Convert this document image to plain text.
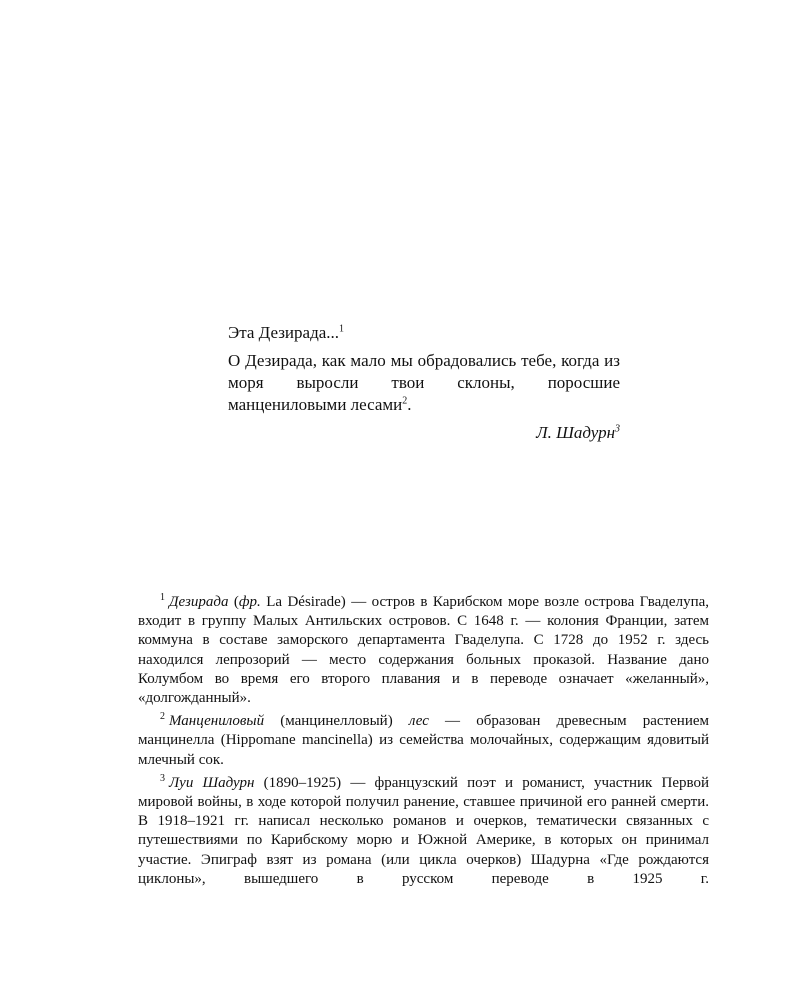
Эта Дезирада...$^1$

О Дезирада, как мало мы обрадовались тебе, когда из моря выросли твои склоны, поросшие манцениловыми лесами$^2$.

Л. Шадурн$^3$

$^1$ Дезирада (фр. La Désirade) — остров в Карибском море возле острова Гваделупа, входит в группу Малых Антильских островов. С 1648 г. — колония Франции, затем коммуна в составе заморского департамента Гваделупа. С 1728 до 1952 г. здесь находился лепрозорий — место содержания больных проказой. Название дано Колумбом во время его второго плавания и в переводе означает «желанный», «долгожданный».

$^2$ Манцениловый (манцинелловый) лес — образован древесным растением манцинелла (Hippomane mancinella) из семейства молочайных, содержащим ядовитый млечный сок.

$^3$ Луи Шадурн (1890–1925) — французский поэт и романист, участник Первой мировой войны, в ходе которой получил ранение, ставшее причиной его ранней смерти. В 1918–1921 гг. написал несколько романов и очерков, тематически связанных с путешествиями по Карибскому морю и Южной Америке, в которых он принимал участие. Эпиграф взят из романа (или цикла очерков) Шадурна «Где рождаются циклоны», вышедшего в русском переводе в 1925 г.
